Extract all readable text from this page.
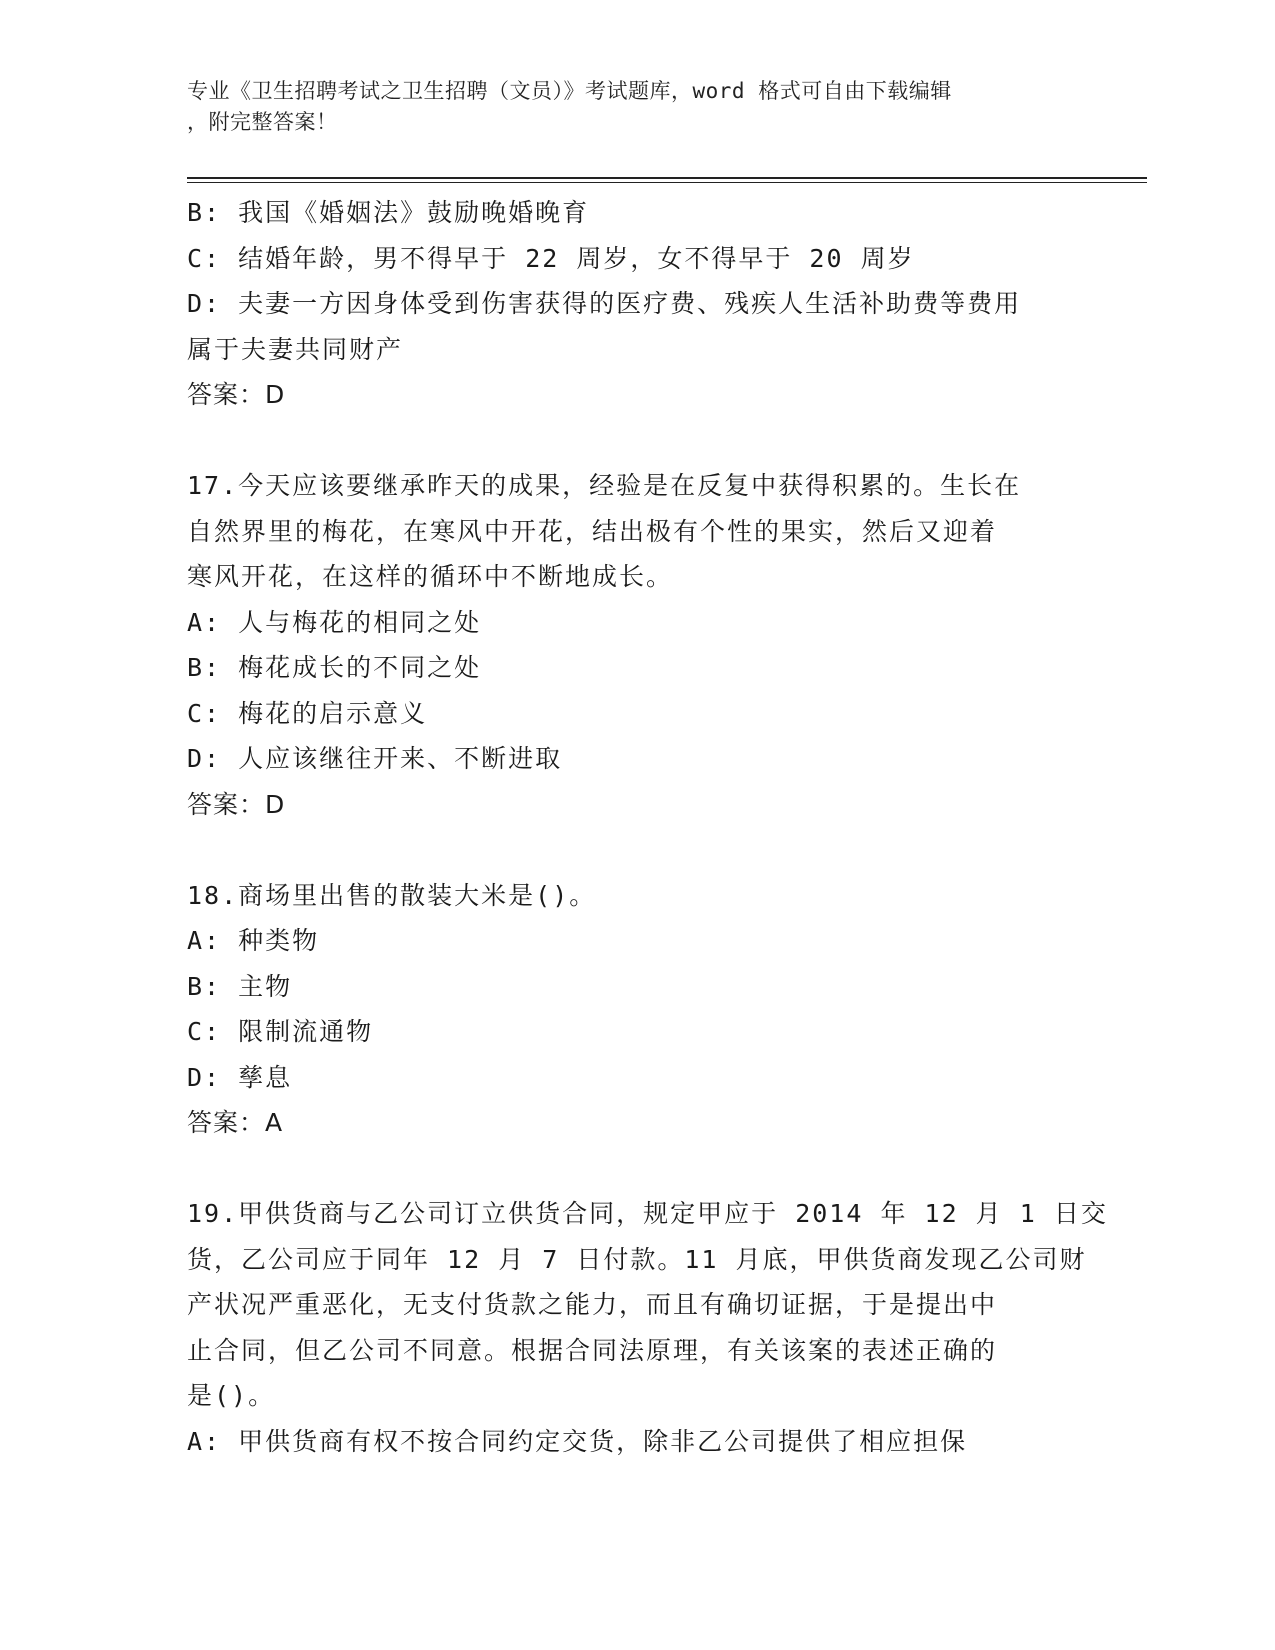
专业《卫生招聘考试之卫生招聘（文员）》考试题库，word 格式可自由下载编辑
，附完整答案！
B: 我国《婚姻法》鼓励晚婚晚育
C: 结婚年龄，男不得早于 22 周岁，女不得早于 20 周岁
D: 夫妻一方因身体受到伤害获得的医疗费、残疾人生活补助费等费用
属于夫妻共同财产
答案：D
17.今天应该要继承昨天的成果，经验是在反复中获得积累的。生长在
自然界里的梅花，在寒风中开花，结出极有个性的果实，然后又迎着
寒风开花，在这样的循环中不断地成长。
A: 人与梅花的相同之处
B: 梅花成长的不同之处
C: 梅花的启示意义
D: 人应该继往开来、不断进取
答案：D
18.商场里出售的散装大米是()。
A: 种类物
B: 主物
C: 限制流通物
D: 孳息
答案：A
19.甲供货商与乙公司订立供货合同，规定甲应于 2014 年 12 月 1 日交
货，乙公司应于同年 12 月 7 日付款。11 月底，甲供货商发现乙公司财
产状况严重恶化，无支付货款之能力，而且有确切证据，于是提出中
止合同，但乙公司不同意。根据合同法原理，有关该案的表述正确的
是()。
A: 甲供货商有权不按合同约定交货，除非乙公司提供了相应担保
